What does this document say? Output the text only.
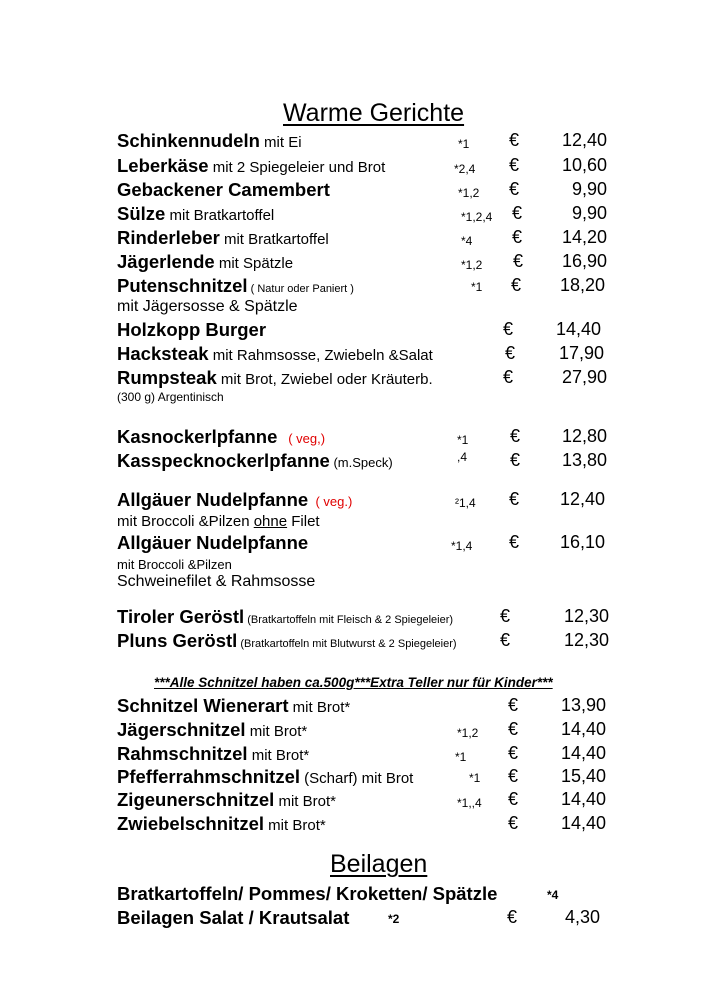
Warme Gerichte
Schinkennudeln mit Ei	*1 €	12,40
Leberkäse mit 2 Spiegeleier und Brot	*2,4 €	10,60
Gebackener Camembert	*1,2 €	9,90
Sülze mit Bratkartoffel	*1,2,4 €	9,90
Rinderleber mit Bratkartoffel	*4 €	14,20
Jägerlende mit Spätzle	*1,2 €	16,90
Putenschnitzel ( Natur oder Paniert )	*1 €	18,20
mit Jägersosse & Spätzle
Holzkopp Burger	€	14,40
Hacksteak mit Rahmsosse, Zwiebeln &Salat	€	17,90
Rumpsteak mit Brot, Zwiebel oder Kräuterb.	€	27,90
(300 g) Argentinisch
Kasnockerlpfanne ( veg,)	*1 €	12,80
Kasspecknockerlpfanne (m.Speck)	,4 €	13,80
Allgäuer Nudelpfanne ( veg.)	²1,4 €	12,40
mit Broccoli &Pilzen ohne Filet
Allgäuer Nudelpfanne	*1,4 €	16,10
mit Broccoli &Pilzen
Schweinefilet & Rahmsosse
Tiroler Geröstl (Bratkartoffeln mit Fleisch & 2 Spiegeleier)	€	12,30
Pluns Geröstl (Bratkartoffeln mit Blutwurst & 2 Spiegeleier) €	12,30
***Alle Schnitzel haben ca.500g***Extra Teller nur für Kinder***
Schnitzel Wienerart mit Brot*	€	13,90
Jägerschnitzel mit Brot*	*1,2 €	14,40
Rahmschnitzel mit Brot*	*1 €	14,40
Pfefferrahmschnitzel (Scharf) mit Brot	*1 €	15,40
Zigeunerschnitzel mit Brot*	*1,,4 €	14,40
Zwiebelschnitzel mit Brot*	€	14,40
Beilagen
Bratkartoffeln/ Pommes/ Kroketten/ Spätzle	*4
Beilagen Salat / Krautsalat	*2	€	4,30
